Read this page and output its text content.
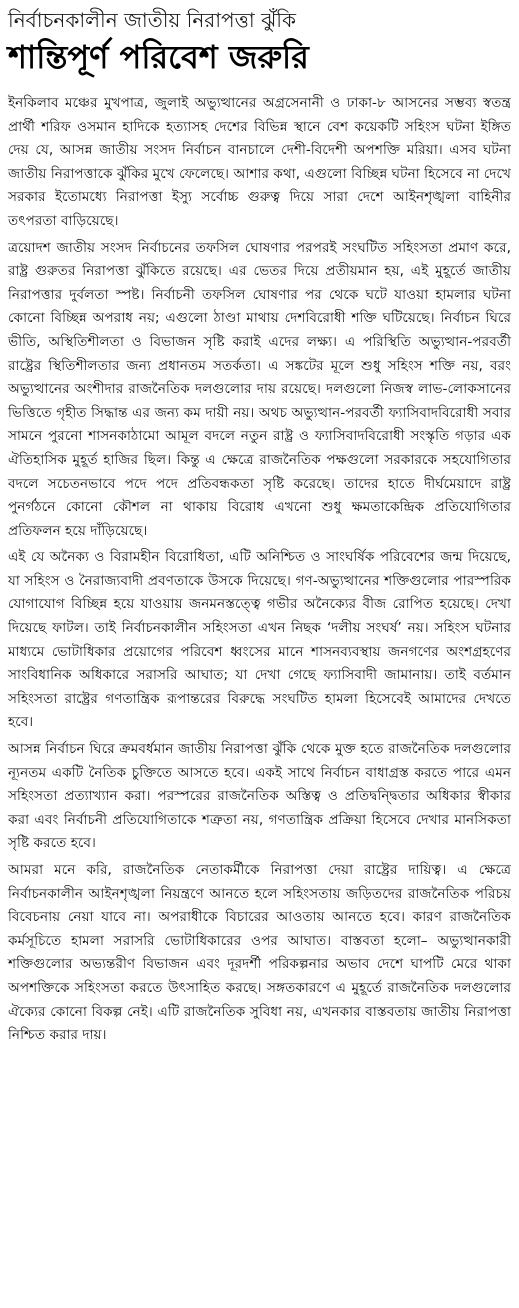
নির্বাচনকালীন জাতীয় নিরাপত্তা ঝুঁকি
শান্তিপূর্ণ পরিবেশ জরুরি

ইনকিলাব মঞ্চের মুখপাত্র, জুলাই অভ্যুত্থানের অগ্রসেনানী ও ঢাকা-৮ আসনের সম্ভব্য স্বতন্ত্র প্রার্থী শরিফ ওসমান হাদিকে হত্যাসহ দেশের বিভিন্ন স্থানে বেশ কয়েকটি সহিংস ঘটনা ইঙ্গিত দেয় যে, আসন্ন জাতীয় সংসদ নির্বাচন বানচালে দেশী-বিদেশী অপশক্তি মরিয়া। এসব ঘটনা জাতীয় নিরাপত্তাকে ঝুঁকির মুখে ফেলেছে। আশার কথা, এগুলো বিচ্ছিন্ন ঘটনা হিসেবে না দেখে সরকার ইতোমধ্যে নিরাপত্তা ইস্যু সর্বোচ্চ গুরুত্ব দিয়ে সারা দেশে আইনশৃঙ্খলা বাহিনীর তৎপরতা বাড়িয়েছে।

ত্রয়োদশ জাতীয় সংসদ নির্বাচনের তফসিল ঘোষণার পরপরই সংঘটিত সহিংসতা প্রমাণ করে, রাষ্ট্র গুরুতর নিরাপত্তা ঝুঁকিতে রয়েছে। এর ভেতর দিয়ে প্রতীয়মান হয়, এই মুহূর্তে জাতীয় নিরাপত্তার দুর্বলতা স্পষ্ট। নির্বাচনী তফসিল ঘোষণার পর থেকে ঘটে যাওয়া হামলার ঘটনা কোনো বিচ্ছিন্ন অপরাধ নয়; এগুলো ঠাণ্ডা মাথায় দেশবিরোধী শক্তি ঘটিয়েছে। নির্বাচন ঘিরে ভীতি, অস্থিতিশীলতা ও বিভাজন সৃষ্টি করাই এদের লক্ষ্য। এ পরিস্থিতি অভ্যুত্থান-পরবর্তী রাষ্ট্রের স্থিতিশীলতার জন্য প্রধানতম সতর্কতা। এ সঙ্কটের মূলে শুধু সহিংস শক্তি নয়, বরং অভ্যুত্থানের অংশীদার রাজনৈতিক দলগুলোর দায় রয়েছে। দলগুলো নিজস্ব লাভ-লোকসানের ভিত্তিতে গৃহীত সিদ্ধান্ত এর জন্য কম দায়ী নয়। অথচ অভ্যুত্থান-পরবর্তী ফ্যাসিবাদবিরোধী সবার সামনে পুরনো শাসনকাঠামো আমূল বদলে নতুন রাষ্ট্র ও ফ্যাসিবাদবিরোধী সংস্কৃতি গড়ার এক ঐতিহাসিক মুহূর্ত হাজির ছিল। কিন্তু এ ক্ষেত্রে রাজনৈতিক পক্ষগুলো সরকারকে সহযোগিতার বদলে সচেতনভাবে পদে পদে প্রতিবন্ধকতা সৃষ্টি করেছে। তাদের হাতে দীর্ঘমেয়াদে রাষ্ট্র পুনর্গঠনে কোনো কৌশল না থাকায় বিরোধ এখনো শুধু ক্ষমতাকেন্দ্রিক প্রতিযোগিতার প্রতিফলন হয়ে দাঁড়িয়েছে।

এই যে অনৈক্য ও বিরামহীন বিরোধিতা, এটি অনিশ্চিত ও সাংঘর্ষিক পরিবেশের জন্ম দিয়েছে, যা সহিংস ও নৈরাজ্যবাদী প্রবণতাকে উসকে দিয়েছে। গণ-অভ্যুত্থানের শক্তিগুলোর পারস্পরিক যোগাযোগ বিচ্ছিন্ন হয়ে যাওয়ায় জনমনস্তত্ত্বে গভীর অনৈক্যের বীজ রোপিত হয়েছে। দেখা দিয়েছে ফাটল। তাই নির্বাচনকালীন সহিংসতা এখন নিছক ‘দলীয় সংঘর্ষ’ নয়। সহিংস ঘটনার মাধ্যমে ভোটাধিকার প্রয়োগের পরিবেশ ধ্বংসের মানে শাসনব্যবস্থায় জনগণের অংশগ্রহণের সাংবিধানিক অধিকারে সরাসরি আঘাত; যা দেখা গেছে ফ্যাসিবাদী জামানায়। তাই বর্তমান সহিংসতা রাষ্ট্রের গণতান্ত্রিক রূপান্তরের বিরুদ্ধে সংঘটিত হামলা হিসেবেই আমাদের দেখতে হবে।

আসন্ন নির্বাচন ঘিরে ক্রমবর্ধমান জাতীয় নিরাপত্তা ঝুঁকি থেকে মুক্ত হতে রাজনৈতিক দলগুলোর ন্যূনতম একটি নৈতিক চুক্তিতে আসতে হবে। একই সাথে নির্বাচন বাধাগ্রস্ত করতে পারে এমন সহিংসতা প্রত্যাখ্যান করা। পরস্পরের রাজনৈতিক অস্তিত্ব ও প্রতিদ্বন্দ্বিতার অধিকার স্বীকার করা এবং নির্বাচনী প্রতিযোগিতাকে শত্রুতা নয়, গণতান্ত্রিক প্রক্রিয়া হিসেবে দেখার মানসিকতা সৃষ্টি করতে হবে।

আমরা মনে করি, রাজনৈতিক নেতাকর্মীকে নিরাপত্তা দেয়া রাষ্ট্রের দায়িত্ব। এ ক্ষেত্রে নির্বাচনকালীন আইনশৃঙ্খলা নিয়ন্ত্রণে আনতে হলে সহিংসতায় জড়িতদের রাজনৈতিক পরিচয় বিবেচনায় নেয়া যাবে না। অপরাধীকে বিচারের আওতায় আনতে হবে। কারণ রাজনৈতিক কর্মসূচিতে হামলা সরাসরি ভোটাধিকারের ওপর আঘাত। বাস্তবতা হলো– অভ্যুত্থানকারী শক্তিগুলোর অভ্যন্তরীণ বিভাজন এবং দূরদর্শী পরিকল্পনার অভাব দেশে ঘাপটি মেরে থাকা অপশক্তিকে সহিংসতা করতে উৎসাহিত করছে। সঙ্গতকারণে এ মুহূর্তে রাজনৈতিক দলগুলোর ঐক্যের কোনো বিকল্প নেই। এটি রাজনৈতিক সুবিধা নয়, এখনকার বাস্তবতায় জাতীয় নিরাপত্তা নিশ্চিত করার দায়।
